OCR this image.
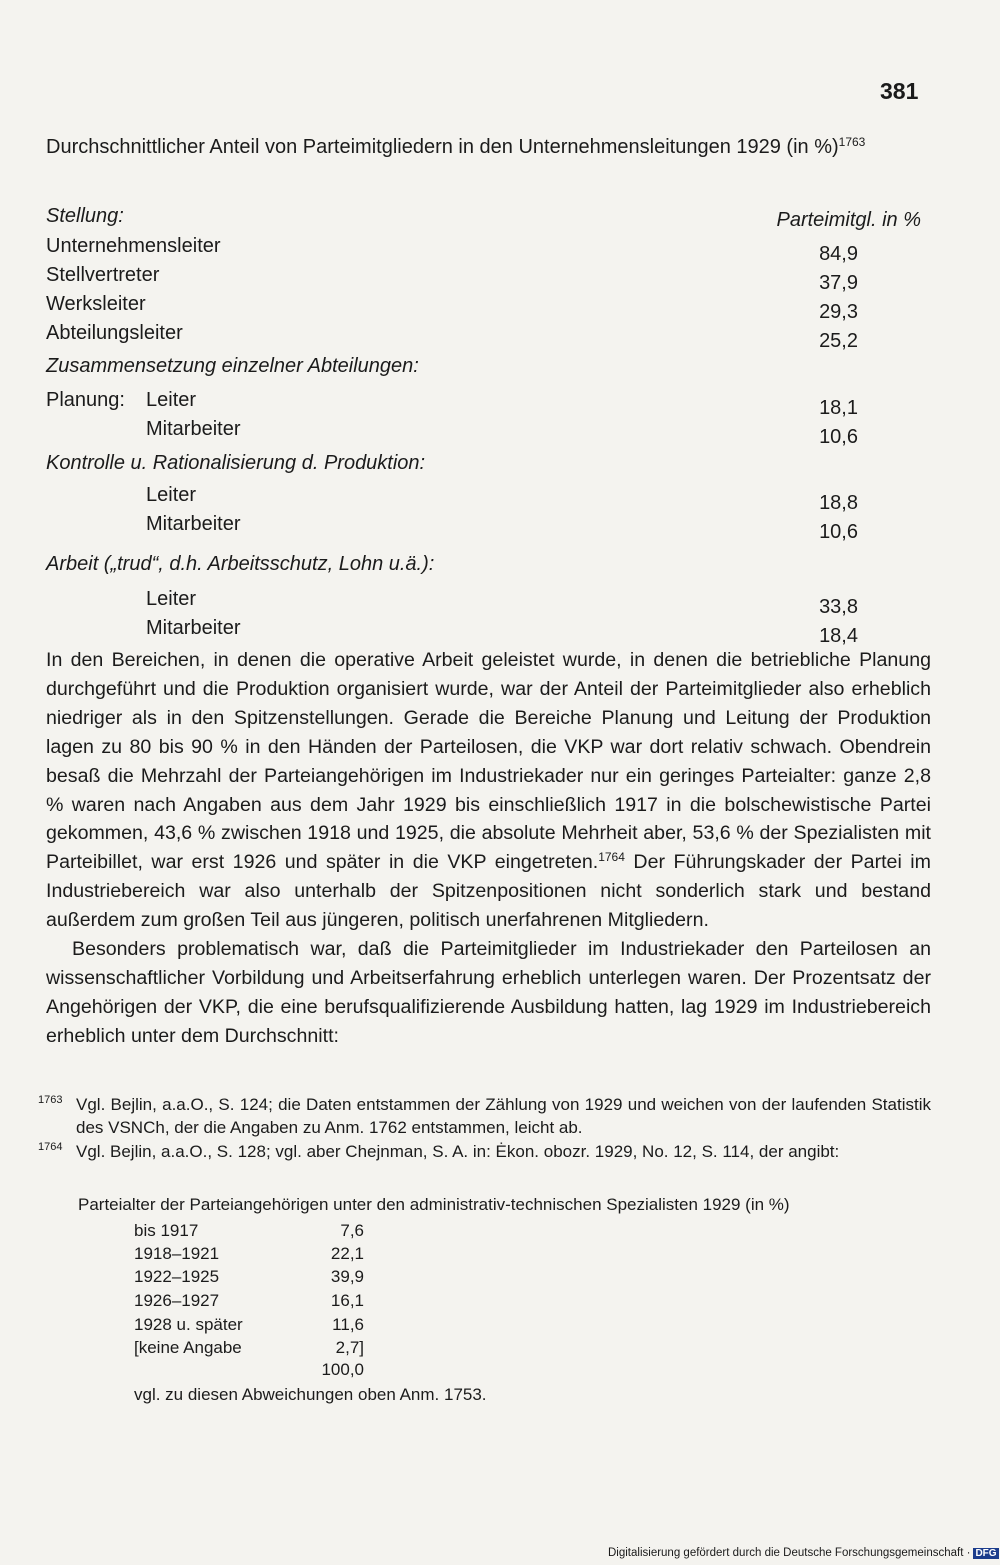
381
Durchschnittlicher Anteil von Parteimitgliedern in den Unternehmensleitungen 1929 (in %)$^{1763}$
Stellung:	Parteimitgl. in %
Unternehmensleiter	84,9
Stellvertreter	37,9
Werksleiter	29,3
Abteilungsleiter	25,2
Zusammensetzung einzelner Abteilungen:
Planung: Leiter	18,1
Mitarbeiter	10,6
Kontrolle u. Rationalisierung d. Produktion:
Leiter	18,8
Mitarbeiter	10,6
Arbeit („trud“, d.h. Arbeitsschutz, Lohn u.ä.):
Leiter	33,8
Mitarbeiter	18,4

In den Bereichen, in denen die operative Arbeit geleistet wurde, in denen die betriebliche Planung durchgeführt und die Produktion organisiert wurde, war der Anteil der Parteimitglieder also erheblich niedriger als in den Spitzenstellungen. Gerade die Bereiche Planung und Leitung der Produktion lagen zu 80 bis 90 % in den Händen der Parteilosen, die VKP war dort relativ schwach. Obendrein besaß die Mehrzahl der Parteiangehörigen im Industriekader nur ein geringes Parteialter: ganze 2,8 % waren nach Angaben aus dem Jahr 1929 bis einschließlich 1917 in die bolschewistische Partei gekommen, 43,6 % zwischen 1918 und 1925, die absolute Mehrheit aber, 53,6 % der Spezialisten mit Parteibillet, war erst 1926 und später in die VKP eingetreten.$^{1764}$ Der Führungskader der Partei im Industriebereich war also unterhalb der Spitzenpositionen nicht sonderlich stark und bestand außerdem zum großen Teil aus jüngeren, politisch unerfahrenen Mitgliedern.

Besonders problematisch war, daß die Parteimitglieder im Industriekader den Parteilosen an wissenschaftlicher Vorbildung und Arbeitserfahrung erheblich unterlegen waren. Der Prozentsatz der Angehörigen der VKP, die eine berufsqualifizierende Ausbildung hatten, lag 1929 im Industriebereich erheblich unter dem Durchschnitt:

1763 Vgl. Bejlin, a.a.O., S. 124; die Daten entstammen der Zählung von 1929 und weichen von der laufenden Statistik des VSNCh, der die Angaben zu Anm. 1762 entstammen, leicht ab.
1764 Vgl. Bejlin, a.a.O., S. 128; vgl. aber Chejnman, S. A. in: Ėkon. obozr. 1929, No. 12, S. 114, der angibt:
Parteialter der Parteiangehörigen unter den administrativ-technischen Spezialisten 1929 (in %)
bis 1917	7,6
1918–1921	22,1
1922–1925	39,9
1926–1927	16,1
1928 u. später	11,6
[keine Angabe	2,7]
100,0
vgl. zu diesen Abweichungen oben Anm. 1753.
Digitalisierung gefördert durch die Deutsche Forschungsgemeinschaft · DFG
